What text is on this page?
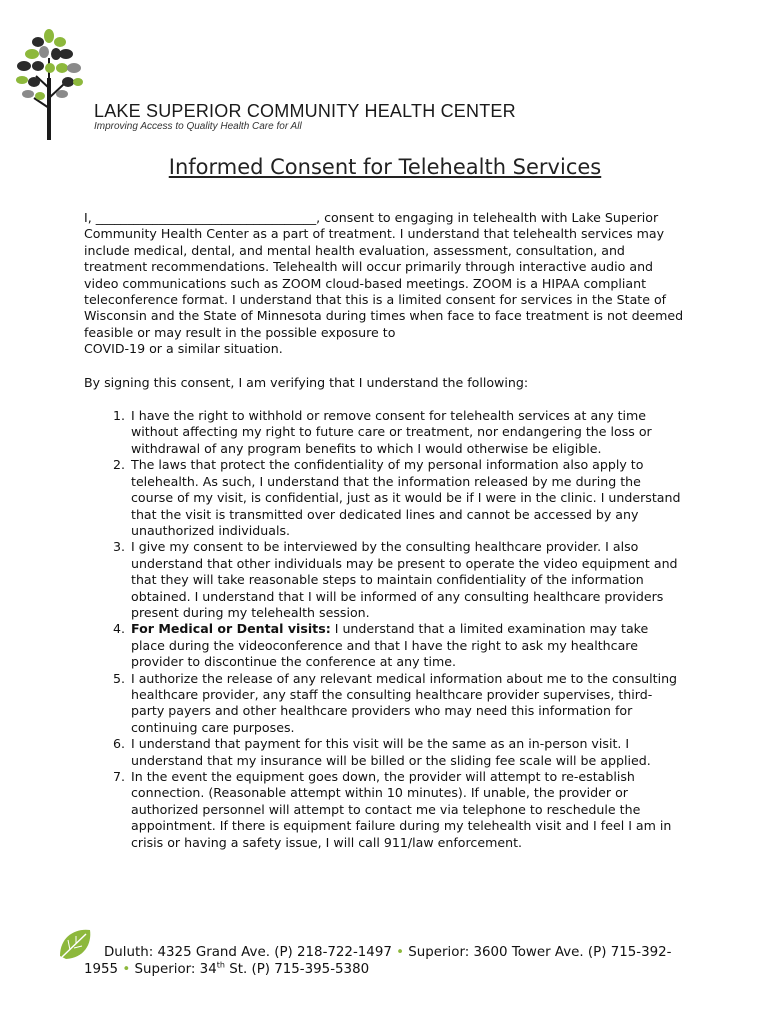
LAKE SUPERIOR COMMUNITY HEALTH CENTER
Improving Access to Quality Health Care for All
Informed Consent for Telehealth Services

I, ___________________________________, consent to engaging in telehealth with Lake Superior Community Health Center as a part of treatment. I understand that telehealth services may include medical, dental, and mental health evaluation, assessment, consultation, and treatment recommendations. Telehealth will occur primarily through interactive audio and video communications such as ZOOM cloud-based meetings. ZOOM is a HIPAA compliant teleconference format. I understand that this is a limited consent for services in the State of Wisconsin and the State of Minnesota during times when face to face treatment is not deemed feasible or may result in the possible exposure to
COVID-19 or a similar situation.

By signing this consent, I am verifying that I understand the following:

1. I have the right to withhold or remove consent for telehealth services at any time without affecting my right to future care or treatment, nor endangering the loss or withdrawal of any program benefits to which I would otherwise be eligible.
2. The laws that protect the confidentiality of my personal information also apply to telehealth. As such, I understand that the information released by me during the course of my visit, is confidential, just as it would be if I were in the clinic. I understand that the visit is transmitted over dedicated lines and cannot be accessed by any unauthorized individuals.
3. I give my consent to be interviewed by the consulting healthcare provider. I also understand that other individuals may be present to operate the video equipment and that they will take reasonable steps to maintain confidentiality of the information obtained. I understand that I will be informed of any consulting healthcare providers present during my telehealth session.
4. For Medical or Dental visits: I understand that a limited examination may take place during the videoconference and that I have the right to ask my healthcare provider to discontinue the conference at any time.
5. I authorize the release of any relevant medical information about me to the consulting healthcare provider, any staff the consulting healthcare provider supervises, third-party payers and other healthcare providers who may need this information for continuing care purposes.
6. I understand that payment for this visit will be the same as an in-person visit. I understand that my insurance will be billed or the sliding fee scale will be applied.
7. In the event the equipment goes down, the provider will attempt to re-establish connection. (Reasonable attempt within 10 minutes). If unable, the provider or authorized personnel will attempt to contact me via telephone to reschedule the appointment. If there is equipment failure during my telehealth visit and I feel I am in crisis or having a safety issue, I will call 911/law enforcement.
Duluth: 4325 Grand Ave. (P) 218-722-1497 • Superior: 3600 Tower Ave. (P) 715-392-1955 • Superior: 34th St. (P) 715-395-5380
